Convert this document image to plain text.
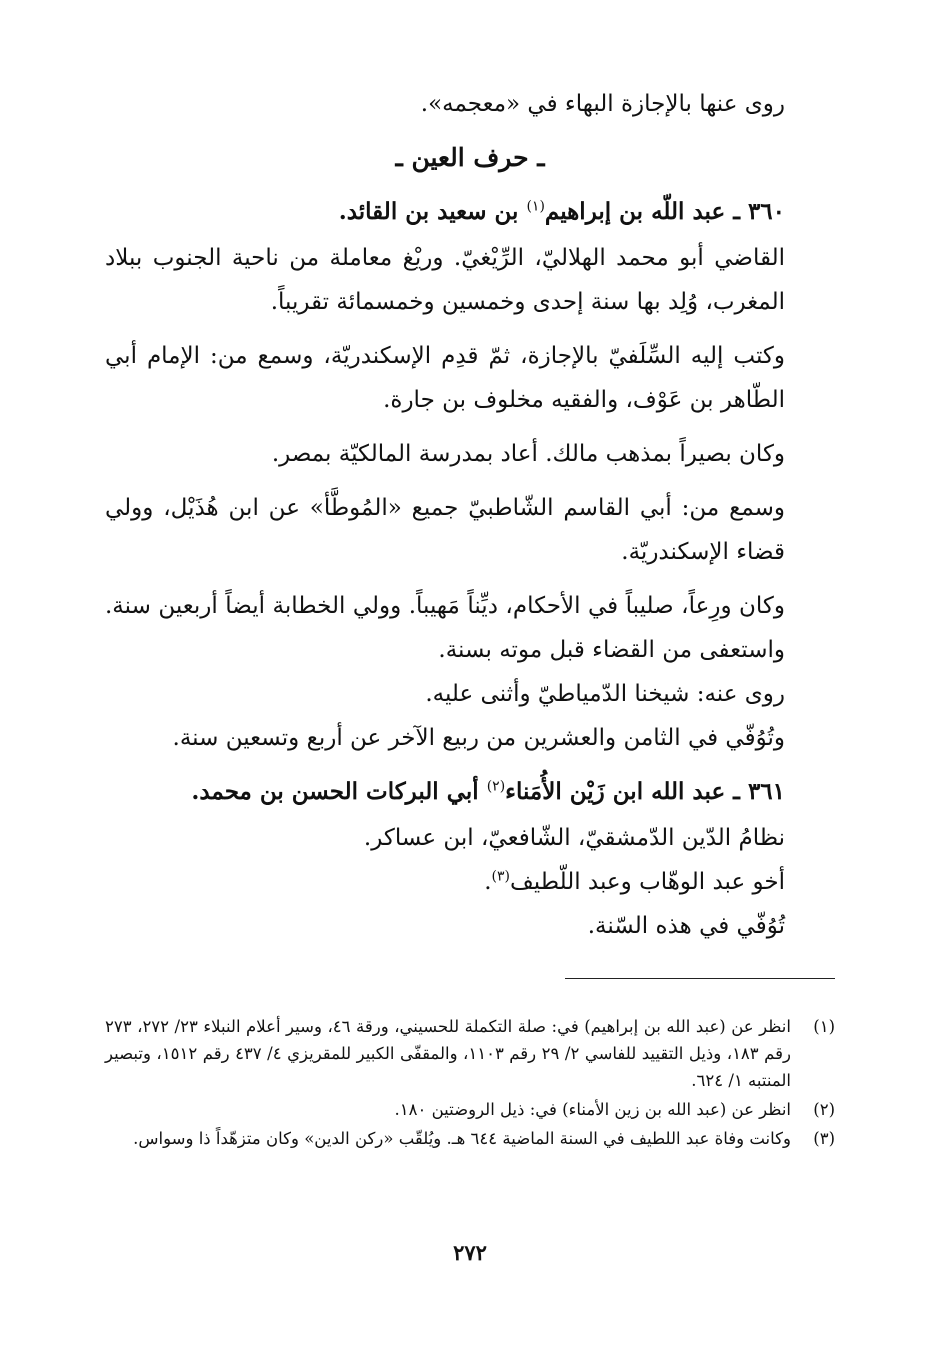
روى عنها بالإجازة البهاء في «معجمه».

ـ حرف العين ـ
٣٦٠ ـ عبد اللّه بن إبراهيم$^{(١)}$ بن سعيد بن القائد.

القاضي أبو محمد الهلاليّ، الرِّيْغيّ. وريْغ معاملة من ناحية الجنوب ببلاد المغرب، وُلِد بها سنة إحدى وخمسين وخمسمائة تقريباً.

وكتب إليه السِّلَفيّ بالإجازة، ثمّ قدِم الإسكندريّة، وسمع من: الإمام أبي الطّاهر بن عَوْف، والفقيه مخلوف بن جارة.

وكان بصيراً بمذهب مالك. أعاد بمدرسة المالكيّة بمصر.

وسمع من: أبي القاسم الشّاطبيّ جميع «المُوطَّأ» عن ابن هُذَيْل، وولي قضاء الإسكندريّة.

وكان ورِعاً، صليباً في الأحكام، ديِّناً مَهيباً. وولي الخطابة أيضاً أربعين سنة. واستعفى من القضاء قبل موته بسنة.

روى عنه: شيخنا الدّمياطيّ وأثنى عليه.

وتُوُفّي في الثامن والعشرين من ربيع الآخر عن أربع وتسعين سنة.

٣٦١ ـ عبد الله ابن زَيْن الأُمَناء$^{(٢)}$ أبي البركات الحسن بن محمد.

نظامُ الدّين الدّمشقيّ، الشّافعيّ، ابن عساكر.

أخو عبد الوهّاب وعبد اللّطيف$^{(٣)}$.

تُوُفّي في هذه السّنة.

(١)
انظر عن (عبد الله بن إبراهيم) في: صلة التكملة للحسيني، ورقة ٤٦، وسير أعلام النبلاء ٢٣/ ٢٧٢، ٢٧٣ رقم ١٨٣، وذيل التقييد للفاسي ٢/ ٢٩ رقم ١١٠٣، والمقفّى الكبير للمقريزي ٤/ ٤٣٧ رقم ١٥١٢، وتبصير المنتبه ١/ ٦٢٤.
(٢)
انظر عن (عبد الله بن زين الأمناء) في: ذيل الروضتين ١٨٠.
(٣)
وكانت وفاة عبد اللطيف في السنة الماضية ٦٤٤ هـ. ويُلقّب «ركن الدين» وكان متزهّداً ذا وسواس.
٢٧٢
